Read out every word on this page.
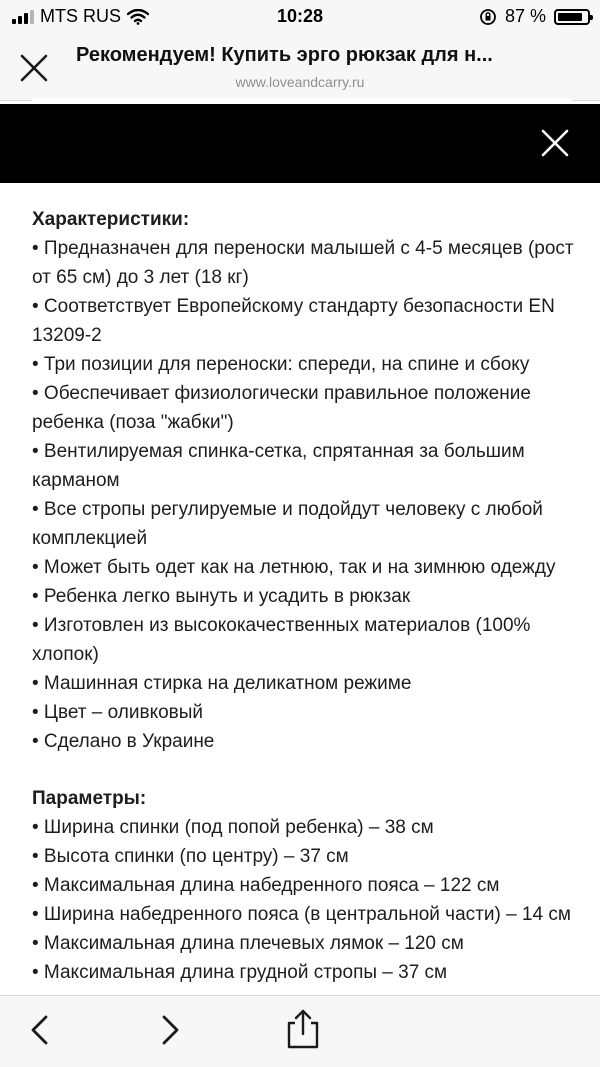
MTS RUS	10:28	87 %
Рекомендуем! Купить эрго рюкзак для н...
www.loveandcarry.ru
Характеристики:

• Предназначен для переноски малышей с 4-5 месяцев (рост от 65 см) до 3 лет (18 кг)

• Соответствует Европейскому стандарту безопасности EN 13209-2

• Три позиции для переноски: спереди, на спине и сбоку

• Обеспечивает физиологически правильное положение ребенка (поза "жабки")

• Вентилируемая спинка-сетка, спрятанная за большим карманом

• Все стропы регулируемые и подойдут человеку с любой комплекцией

• Может быть одет как на летнюю, так и на зимнюю одежду

• Ребенка легко вынуть и усадить в рюкзак

• Изготовлен из высококачественных материалов (100% хлопок)

• Машинная стирка на деликатном режиме

• Цвет – оливковый

• Сделано в Украине

Параметры:

• Ширина спинки (под попой ребенка) – 38 см

• Высота спинки (по центру) – 37 см

• Максимальная длина набедренного пояса – 122 см

• Ширина набедренного пояса (в центральной части) – 14 см

• Максимальная длина плечевых лямок – 120 см

• Максимальная длина грудной стропы – 37 см
